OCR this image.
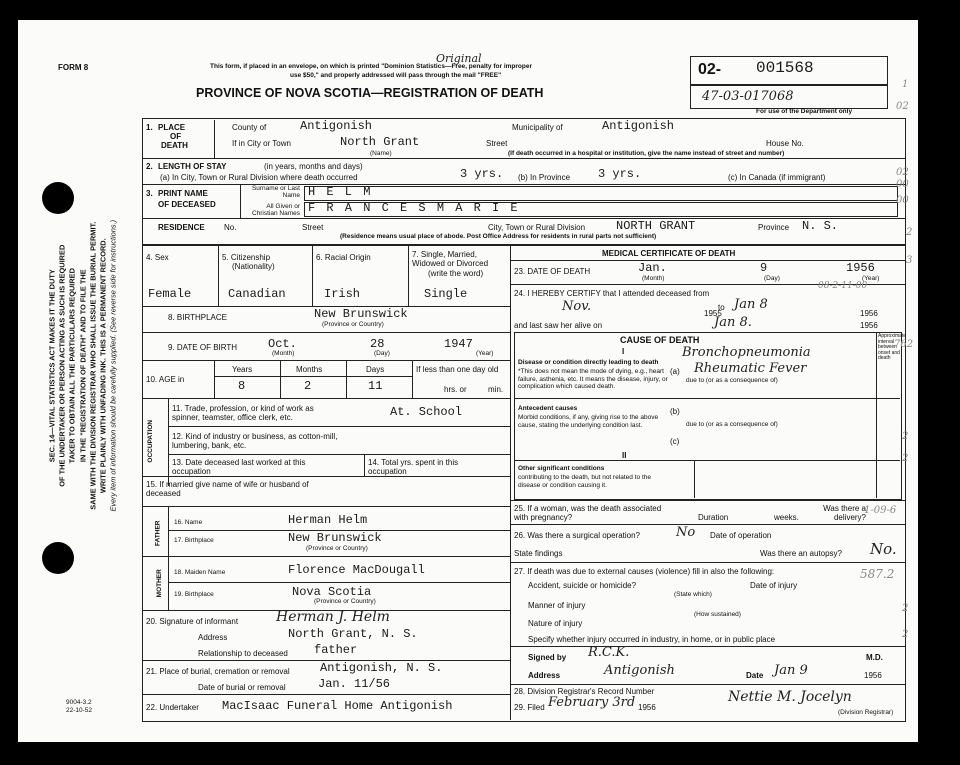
FORM 8
SEC. 14—VITAL STATISTICS ACT MAKES IT THE DUTY OF THE UNDERTAKER OR PERSON ACTING AS SUCH IS REQUIRED TAKER TO OBTAIN ALL THE PARTICULARS REQUIRED IN THE "REGISTRATION OF DEATH" AND TO FILE THE SAME WITH THE DIVISION REGISTRAR WHO SHALL ISSUE THE BURIAL PERMIT. WRITE PLAINLY WITH UNFADING INK. THIS IS A PERMANENT RECORD. Every item of information should be carefully supplied. (See reverse side for instructions.)
This form, if placed in an envelope, on which is printed "Dominion Statistics—Free, penalty for improper
use $50," and properly addressed will pass through the mail "FREE"
Original
PROVINCE OF NOVA SCOTIA—REGISTRATION OF DEATH
02- 001568
47-03-017068
For use of the Department only
1. PLACE
OF
DEATH
County of	Antigonish	Municipality of	Antigonish
If in City or Town	North Grant
(Name)
Street	House No.
(If death occurred in a hospital or institution, give the name instead of street and number)
2. LENGTH OF STAY	(in years, months and days)
(a) In City, Town or Rural Division where death occurred	3 yrs. (b) In Province 3 yrs.	(c) In Canada (if immigrant)
3. PRINT NAME
OF DECEASED
Surname or Last Name
All Given or Christian Names
H E L M
F R A N C E S M A R I E
RESIDENCE No.	Street	City, Town or Rural Division	NORTH GRANT	Province N. S.
(Residence means usual place of abode. Post Office Address for residents in rural parts not sufficient)
4. Sex	5. Citizenship
(Nationality)
6. Racial Origin	7. Single, Married, Widowed or Divorced
(write the word)
Female	Canadian	Irish	Single
8. BIRTHPLACE	New Brunswick
(Province or Country)
9. DATE OF BIRTH	Oct.	28	1947
(Month)	(Day)	(Year)
10. AGE in
Years	Months	Days
8	2	11
If less than one day old
hrs. or	min.
OCCUPATION
11. Trade, profession, or kind of work as spinner, teamster, office clerk, etc.	At. School
12. Kind of industry or business, as cotton-mill, lumbering, bank, etc.
13. Date deceased last worked at this occupation
14. Total yrs. spent in this occupation
15. If married give name of wife or husband of deceased
FATHER
MOTHER
16. Name	Herman Helm
17. Birthplace	New Brunswick
(Province or Country)
18. Maiden Name	Florence MacDougall
19. Birthplace	Nova Scotia
(Province or Country)
20. Signature of informant	Herman J. Helm
Address	North Grant, N. S.
Relationship to deceased father
21. Place of burial, cremation or removal	Antigonish, N. S.
Date of burial or removal	Jan. 11/56
22. Undertaker MacIsaac Funeral Home Antigonish
MEDICAL CERTIFICATE OF DEATH
23. DATE OF DEATH	Jan.	9	1956
(Month)	(Day)	(Year)
24. I HEREBY CERTIFY that I attended deceased from
Nov.	to Jan 8
1955	1956
and last saw her alive on	Jan 8.	1956
CAUSE OF DEATH	Approximate interval between onset and death
I
Disease or condition directly leading to death
*This does not mean the mode of dying, e.g., heart failure, asthenia, etc. It means the disease, injury, or complication which caused death.
(a)
Bronchopneumonia
Rheumatic Fever
due to (or as a consequence of)
Antecedent causes
Morbid conditions, if any, giving rise to the above cause, stating the underlying condition last.
(b)
due to (or as a consequence of)
(c)
II
Other significant conditions
contributing to the death, but not related to the disease or condition causing it.
25. If a woman, was the death associated with pregnancy?	Duration	weeks.
Was there a delivery?
26. Was there a surgical operation?	No Date of operation
State findings	Was there an autopsy? No.
27. If death was due to external causes (violence) fill in also the following:
Accident, suicide or homicide?	Date of injury
(State which)
Manner of injury
(How sustained)
Nature of injury
Specify whether injury occurred in industry, in home, or in public place
Signed by R.C.K.	M.D.
Address	Antigonish	Date Jan 9	1956
28. Division Registrar's Record Number
29. Filed February 3rd 1956
Nettie M. Jocelyn
(Division Registrar)
9004-3.2
22-10-52
02
02
00
00
2
3
762
2
2
1-09-6
587.2
2
2
08-2-11-00
1
